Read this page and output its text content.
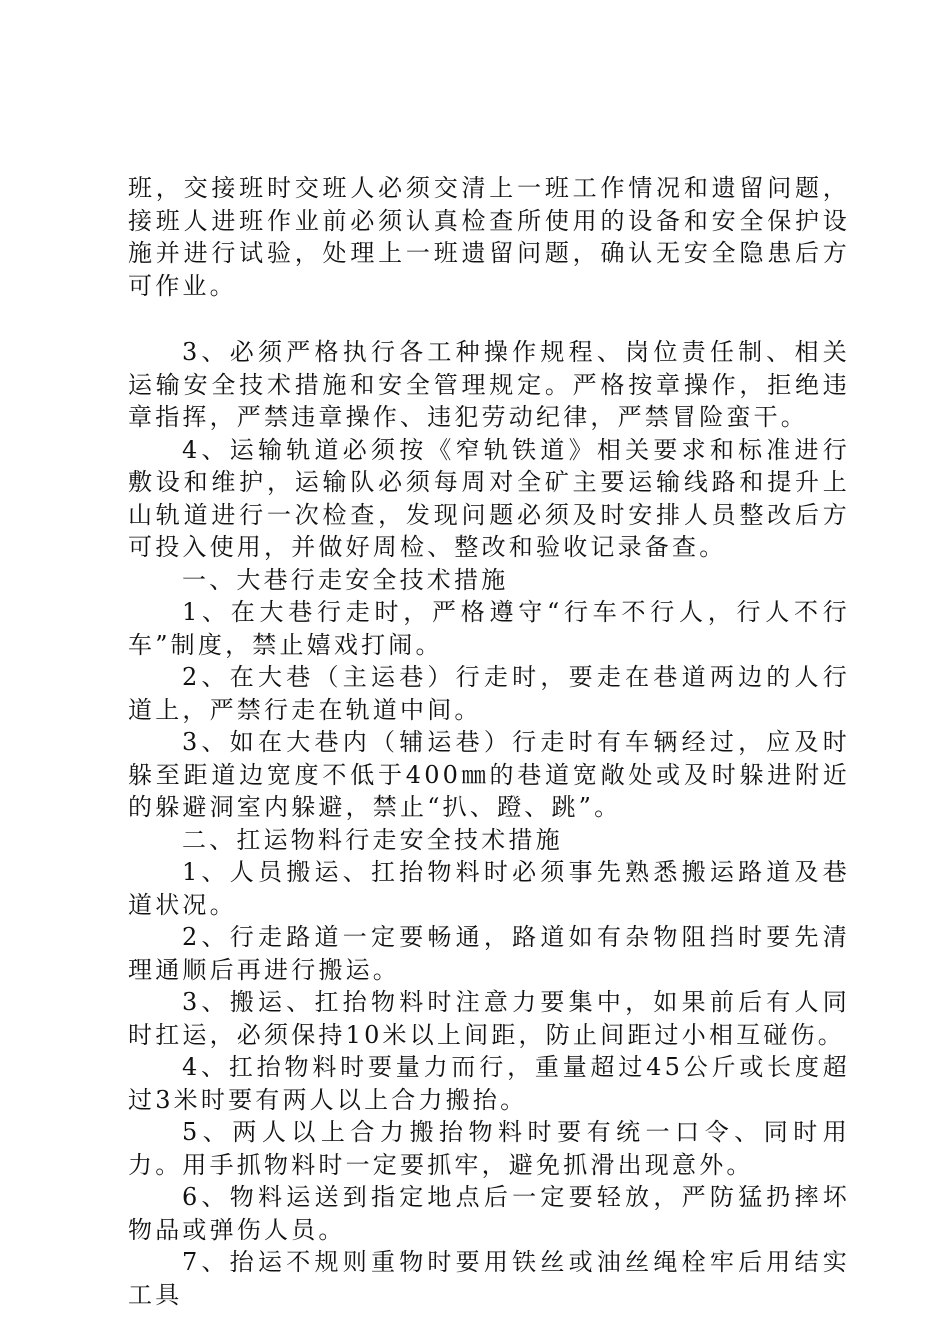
班，交接班时交班人必须交清上一班工作情况和遗留问题，接班人进班作业前必须认真检查所使用的设备和安全保护设施并进行试验，处理上一班遗留问题，确认无安全隐患后方可作业。

3、必须严格执行各工种操作规程、岗位责任制、相关运输安全技术措施和安全管理规定。严格按章操作，拒绝违章指挥，严禁违章操作、违犯劳动纪律，严禁冒险蛮干。

4、运输轨道必须按《窄轨铁道》相关要求和标准进行敷设和维护，运输队必须每周对全矿主要运输线路和提升上山轨道进行一次检查，发现问题必须及时安排人员整改后方可投入使用，并做好周检、整改和验收记录备查。

一、大巷行走安全技术措施

1、在大巷行走时，严格遵守“行车不行人，行人不行车”制度，禁止嬉戏打闹。

2、在大巷（主运巷）行走时，要走在巷道两边的人行道上，严禁行走在轨道中间。

3、如在大巷内（辅运巷）行走时有车辆经过，应及时躲至距道边宽度不低于400㎜的巷道宽敞处或及时躲进附近的躲避洞室内躲避，禁止“扒、蹬、跳”。

二、扛运物料行走安全技术措施

1、人员搬运、扛抬物料时必须事先熟悉搬运路道及巷道状况。

2、行走路道一定要畅通，路道如有杂物阻挡时要先清理通顺后再进行搬运。

3、搬运、扛抬物料时注意力要集中，如果前后有人同时扛运，必须保持10米以上间距，防止间距过小相互碰伤。

4、扛抬物料时要量力而行，重量超过45公斤或长度超过3米时要有两人以上合力搬抬。

5、两人以上合力搬抬物料时要有统一口令、同时用力。用手抓物料时一定要抓牢，避免抓滑出现意外。

6、物料运送到指定地点后一定要轻放，严防猛扔摔坏物品或弹伤人员。

7、抬运不规则重物时要用铁丝或油丝绳栓牢后用结实工具
